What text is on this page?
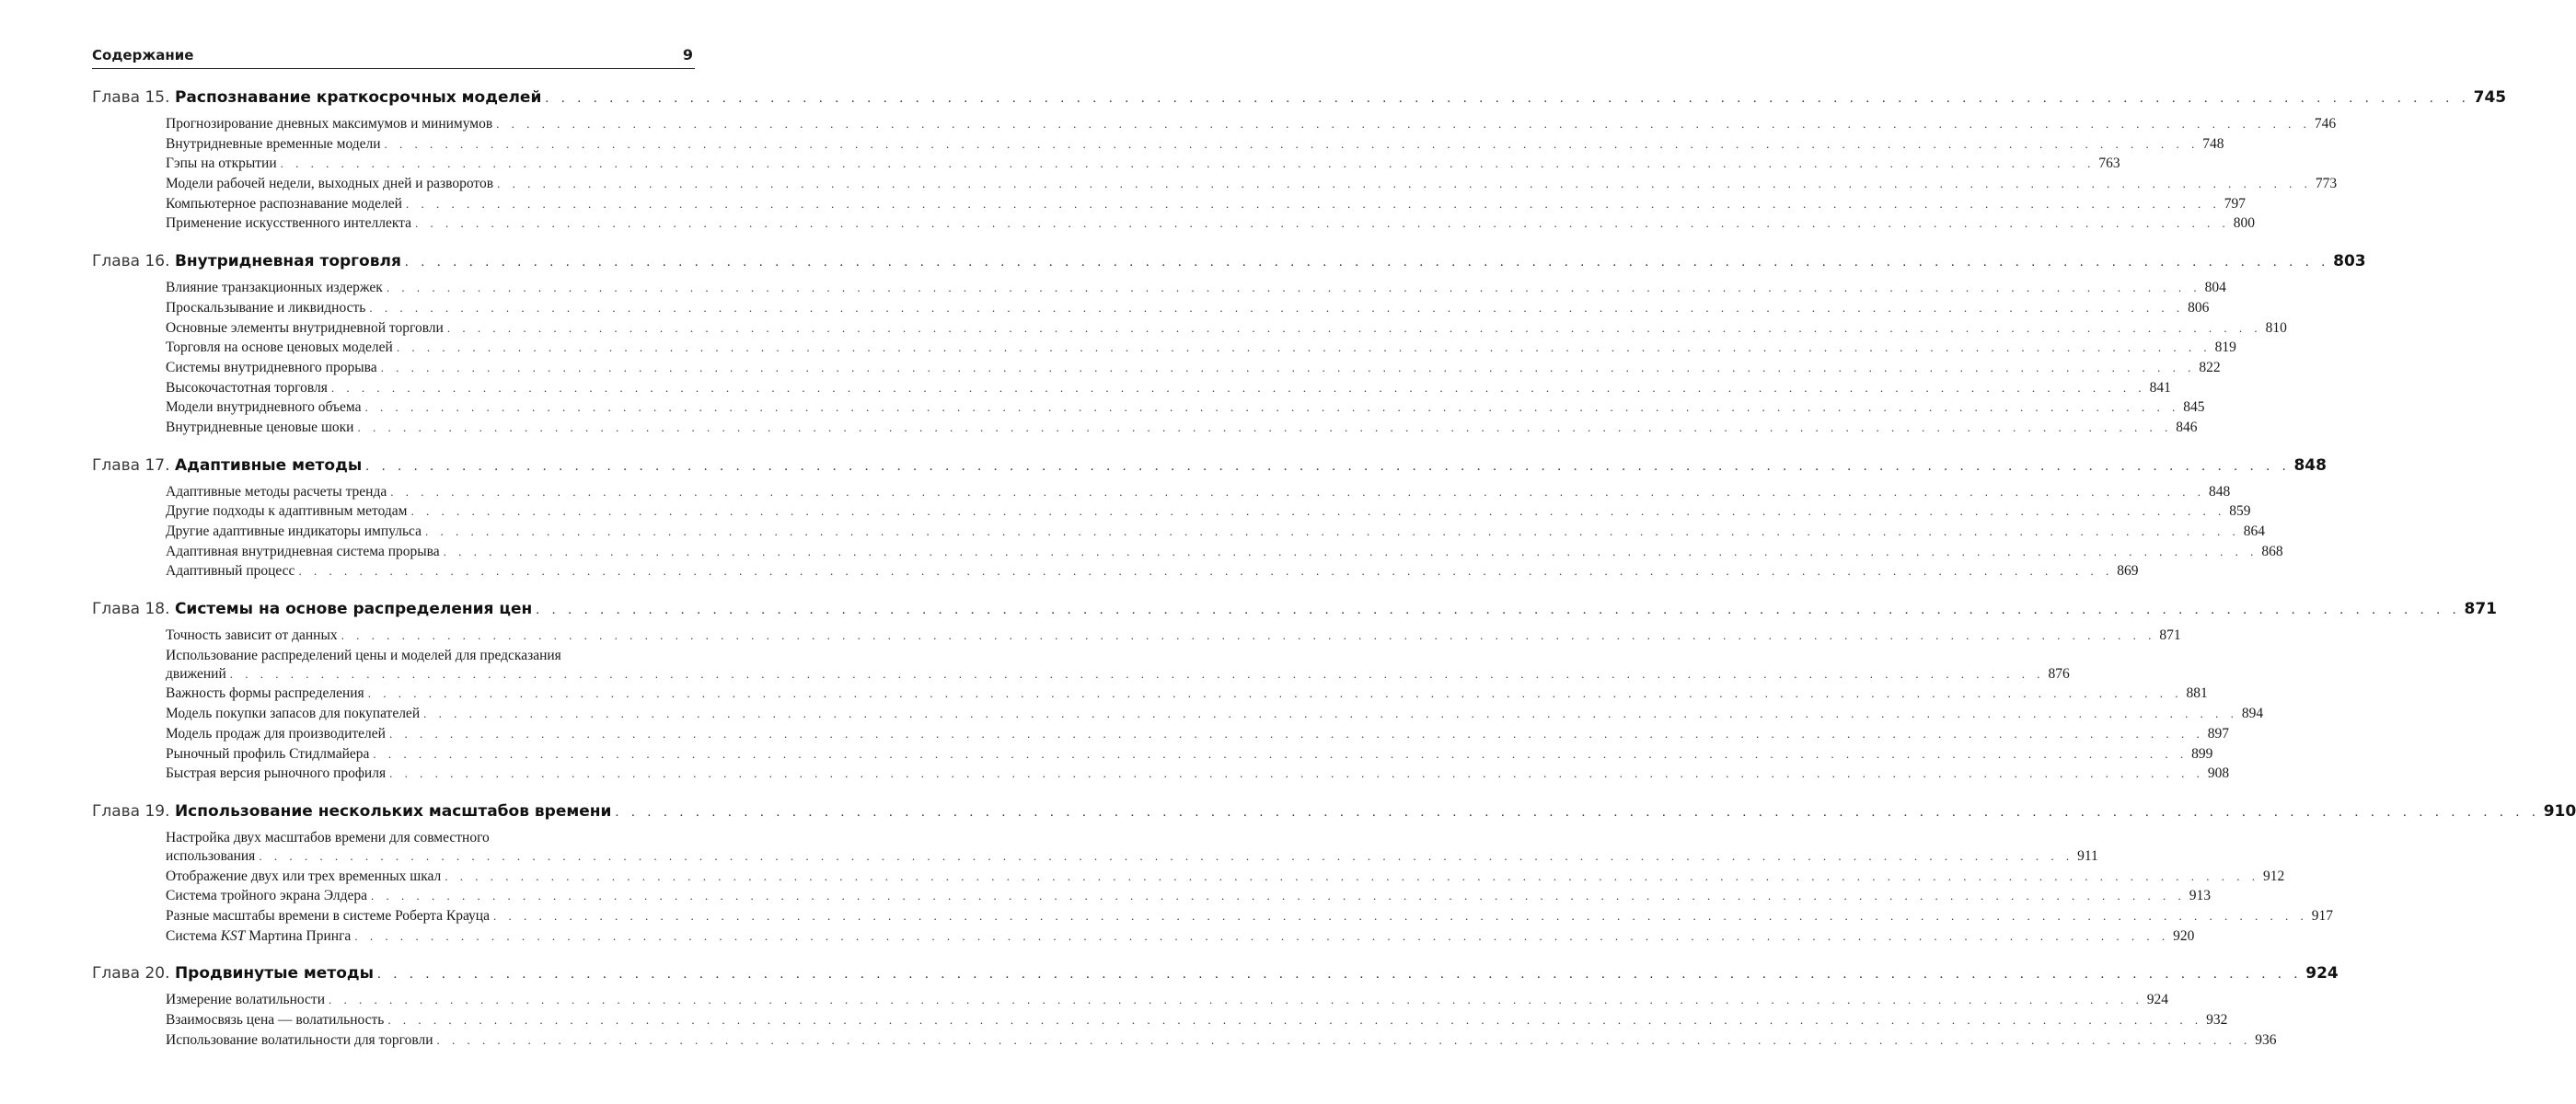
Содержание	9
Глава 15. Распознавание краткосрочных моделей . . . . . . . . . . . . . . . . . . . . . . . . . . . . . . . . . . . . . . . . . . . . . . . . . . . . . . . . . . . . . . . . . . . . . . . . . . . . . . . . . . . . . . . . . . . . . . . . . . . . . . . . . . . . . . . . . . . . . . . . 745
Прогнозирование дневных максимумов и минимумов . . . . . . . . . . . . . . . . . . . . . . . . . . . . . . . . . . . . . . . . . . . . . . . . . . . . . . . . . . . . . . . . . . . . . . . . . . . . . . . . . . . . . . . . . . . . . . . . . . . . . . . . . . . . . . . . . . . . . . . . 746
Внутридневные временные модели . . . . . . . . . . . . . . . . . . . . . . . . . . . . . . . . . . . . . . . . . . . . . . . . . . . . . . . . . . . . . . . . . . . . . . . . . . . . . . . . . . . . . . . . . . . . . . . . . . . . . . . . . . . . . . . . . . . . . . . . 748
Гэпы на открытии . . . . . . . . . . . . . . . . . . . . . . . . . . . . . . . . . . . . . . . . . . . . . . . . . . . . . . . . . . . . . . . . . . . . . . . . . . . . . . . . . . . . . . . . . . . . . . . . . . . . . . . . . . . . . . . . . . . . . . . . 763
Модели рабочей недели, выходных дней и разворотов . . . . . . . . . . . . . . . . . . . . . . . . . . . . . . . . . . . . . . . . . . . . . . . . . . . . . . . . . . . . . . . . . . . . . . . . . . . . . . . . . . . . . . . . . . . . . . . . . . . . . . . . . . . . . . . . . . . . . . . . 773
Компьютерное распознавание моделей . . . . . . . . . . . . . . . . . . . . . . . . . . . . . . . . . . . . . . . . . . . . . . . . . . . . . . . . . . . . . . . . . . . . . . . . . . . . . . . . . . . . . . . . . . . . . . . . . . . . . . . . . . . . . . . . . . . . . . . . 797
Применение искусственного интеллекта . . . . . . . . . . . . . . . . . . . . . . . . . . . . . . . . . . . . . . . . . . . . . . . . . . . . . . . . . . . . . . . . . . . . . . . . . . . . . . . . . . . . . . . . . . . . . . . . . . . . . . . . . . . . . . . . . . . . . . . . 800
Глава 16. Внутридневная торговля . . . . . . . . . . . . . . . . . . . . . . . . . . . . . . . . . . . . . . . . . . . . . . . . . . . . . . . . . . . . . . . . . . . . . . . . . . . . . . . . . . . . . . . . . . . . . . . . . . . . . . . . . . . . . . . . . . . . . . . . 803
Влияние транзакционных издержек . . . . . . . . . . . . . . . . . . . . . . . . . . . . . . . . . . . . . . . . . . . . . . . . . . . . . . . . . . . . . . . . . . . . . . . . . . . . . . . . . . . . . . . . . . . . . . . . . . . . . . . . . . . . . . . . . . . . . . . . 804
Проскальзывание и ликвидность . . . . . . . . . . . . . . . . . . . . . . . . . . . . . . . . . . . . . . . . . . . . . . . . . . . . . . . . . . . . . . . . . . . . . . . . . . . . . . . . . . . . . . . . . . . . . . . . . . . . . . . . . . . . . . . . . . . . . . . . 806
Основные элементы внутридневной торговли . . . . . . . . . . . . . . . . . . . . . . . . . . . . . . . . . . . . . . . . . . . . . . . . . . . . . . . . . . . . . . . . . . . . . . . . . . . . . . . . . . . . . . . . . . . . . . . . . . . . . . . . . . . . . . . . . . . . . . . . 810
Торговля на основе ценовых моделей . . . . . . . . . . . . . . . . . . . . . . . . . . . . . . . . . . . . . . . . . . . . . . . . . . . . . . . . . . . . . . . . . . . . . . . . . . . . . . . . . . . . . . . . . . . . . . . . . . . . . . . . . . . . . . . . . . . . . . . . 819
Системы внутридневного прорыва . . . . . . . . . . . . . . . . . . . . . . . . . . . . . . . . . . . . . . . . . . . . . . . . . . . . . . . . . . . . . . . . . . . . . . . . . . . . . . . . . . . . . . . . . . . . . . . . . . . . . . . . . . . . . . . . . . . . . . . . 822
Высокочастотная торговля . . . . . . . . . . . . . . . . . . . . . . . . . . . . . . . . . . . . . . . . . . . . . . . . . . . . . . . . . . . . . . . . . . . . . . . . . . . . . . . . . . . . . . . . . . . . . . . . . . . . . . . . . . . . . . . . . . . . . . . . 841
Модели внутридневного объема . . . . . . . . . . . . . . . . . . . . . . . . . . . . . . . . . . . . . . . . . . . . . . . . . . . . . . . . . . . . . . . . . . . . . . . . . . . . . . . . . . . . . . . . . . . . . . . . . . . . . . . . . . . . . . . . . . . . . . . . 845
Внутридневные ценовые шоки . . . . . . . . . . . . . . . . . . . . . . . . . . . . . . . . . . . . . . . . . . . . . . . . . . . . . . . . . . . . . . . . . . . . . . . . . . . . . . . . . . . . . . . . . . . . . . . . . . . . . . . . . . . . . . . . . . . . . . . . 846
Глава 17. Адаптивные методы . . . . . . . . . . . . . . . . . . . . . . . . . . . . . . . . . . . . . . . . . . . . . . . . . . . . . . . . . . . . . . . . . . . . . . . . . . . . . . . . . . . . . . . . . . . . . . . . . . . . . . . . . . . . . . . . . . . . . . . . 848
Адаптивные методы расчеты тренда . . . . . . . . . . . . . . . . . . . . . . . . . . . . . . . . . . . . . . . . . . . . . . . . . . . . . . . . . . . . . . . . . . . . . . . . . . . . . . . . . . . . . . . . . . . . . . . . . . . . . . . . . . . . . . . . . . . . . . . . 848
Другие подходы к адаптивным методам . . . . . . . . . . . . . . . . . . . . . . . . . . . . . . . . . . . . . . . . . . . . . . . . . . . . . . . . . . . . . . . . . . . . . . . . . . . . . . . . . . . . . . . . . . . . . . . . . . . . . . . . . . . . . . . . . . . . . . . . 859
Другие адаптивные индикаторы импульса . . . . . . . . . . . . . . . . . . . . . . . . . . . . . . . . . . . . . . . . . . . . . . . . . . . . . . . . . . . . . . . . . . . . . . . . . . . . . . . . . . . . . . . . . . . . . . . . . . . . . . . . . . . . . . . . . . . . . . . . 864
Адаптивная внутридневная система прорыва . . . . . . . . . . . . . . . . . . . . . . . . . . . . . . . . . . . . . . . . . . . . . . . . . . . . . . . . . . . . . . . . . . . . . . . . . . . . . . . . . . . . . . . . . . . . . . . . . . . . . . . . . . . . . . . . . . . . . . . . 868
Адаптивный процесс . . . . . . . . . . . . . . . . . . . . . . . . . . . . . . . . . . . . . . . . . . . . . . . . . . . . . . . . . . . . . . . . . . . . . . . . . . . . . . . . . . . . . . . . . . . . . . . . . . . . . . . . . . . . . . . . . . . . . . . . 869
Глава 18. Системы на основе распределения цен . . . . . . . . . . . . . . . . . . . . . . . . . . . . . . . . . . . . . . . . . . . . . . . . . . . . . . . . . . . . . . . . . . . . . . . . . . . . . . . . . . . . . . . . . . . . . . . . . . . . . . . . . . . . . . . . . . . . . . . . 871
Точность зависит от данных . . . . . . . . . . . . . . . . . . . . . . . . . . . . . . . . . . . . . . . . . . . . . . . . . . . . . . . . . . . . . . . . . . . . . . . . . . . . . . . . . . . . . . . . . . . . . . . . . . . . . . . . . . . . . . . . . . . . . . . . 871
Использование распределений цены и моделей для предсказания
движений . . . . . . . . . . . . . . . . . . . . . . . . . . . . . . . . . . . . . . . . . . . . . . . . . . . . . . . . . . . . . . . . . . . . . . . . . . . . . . . . . . . . . . . . . . . . . . . . . . . . . . . . . . . . . . . . . . . . . . . . 876
Важность формы распределения . . . . . . . . . . . . . . . . . . . . . . . . . . . . . . . . . . . . . . . . . . . . . . . . . . . . . . . . . . . . . . . . . . . . . . . . . . . . . . . . . . . . . . . . . . . . . . . . . . . . . . . . . . . . . . . . . . . . . . . . 881
Модель покупки запасов для покупателей . . . . . . . . . . . . . . . . . . . . . . . . . . . . . . . . . . . . . . . . . . . . . . . . . . . . . . . . . . . . . . . . . . . . . . . . . . . . . . . . . . . . . . . . . . . . . . . . . . . . . . . . . . . . . . . . . . . . . . . . 894
Модель продаж для производителей . . . . . . . . . . . . . . . . . . . . . . . . . . . . . . . . . . . . . . . . . . . . . . . . . . . . . . . . . . . . . . . . . . . . . . . . . . . . . . . . . . . . . . . . . . . . . . . . . . . . . . . . . . . . . . . . . . . . . . . . 897
Рыночный профиль Стидлмайера . . . . . . . . . . . . . . . . . . . . . . . . . . . . . . . . . . . . . . . . . . . . . . . . . . . . . . . . . . . . . . . . . . . . . . . . . . . . . . . . . . . . . . . . . . . . . . . . . . . . . . . . . . . . . . . . . . . . . . . . 899
Быстрая версия рыночного профиля . . . . . . . . . . . . . . . . . . . . . . . . . . . . . . . . . . . . . . . . . . . . . . . . . . . . . . . . . . . . . . . . . . . . . . . . . . . . . . . . . . . . . . . . . . . . . . . . . . . . . . . . . . . . . . . . . . . . . . . . 908
Глава 19. Использование нескольких масштабов времени . . . . . . . . . . . . . . . . . . . . . . . . . . . . . . . . . . . . . . . . . . . . . . . . . . . . . . . . . . . . . . . . . . . . . . . . . . . . . . . . . . . . . . . . . . . . . . . . . . . . . . . . . . . . . . . . . . . . . . . . 910
Настройка двух масштабов времени для совместного
использования . . . . . . . . . . . . . . . . . . . . . . . . . . . . . . . . . . . . . . . . . . . . . . . . . . . . . . . . . . . . . . . . . . . . . . . . . . . . . . . . . . . . . . . . . . . . . . . . . . . . . . . . . . . . . . . . . . . . . . . . 911
Отображение двух или трех временных шкал . . . . . . . . . . . . . . . . . . . . . . . . . . . . . . . . . . . . . . . . . . . . . . . . . . . . . . . . . . . . . . . . . . . . . . . . . . . . . . . . . . . . . . . . . . . . . . . . . . . . . . . . . . . . . . . . . . . . . . . . 912
Система тройного экрана Элдера . . . . . . . . . . . . . . . . . . . . . . . . . . . . . . . . . . . . . . . . . . . . . . . . . . . . . . . . . . . . . . . . . . . . . . . . . . . . . . . . . . . . . . . . . . . . . . . . . . . . . . . . . . . . . . . . . . . . . . . . 913
Разные масштабы времени в системе Роберта Крауца . . . . . . . . . . . . . . . . . . . . . . . . . . . . . . . . . . . . . . . . . . . . . . . . . . . . . . . . . . . . . . . . . . . . . . . . . . . . . . . . . . . . . . . . . . . . . . . . . . . . . . . . . . . . . . . . . . . . . . . . 917
Система KST Мартина Принга . . . . . . . . . . . . . . . . . . . . . . . . . . . . . . . . . . . . . . . . . . . . . . . . . . . . . . . . . . . . . . . . . . . . . . . . . . . . . . . . . . . . . . . . . . . . . . . . . . . . . . . . . . . . . . . . . . . . . . . . 920
Глава 20. Продвинутые методы . . . . . . . . . . . . . . . . . . . . . . . . . . . . . . . . . . . . . . . . . . . . . . . . . . . . . . . . . . . . . . . . . . . . . . . . . . . . . . . . . . . . . . . . . . . . . . . . . . . . . . . . . . . . . . . . . . . . . . . . 924
Измерение волатильности . . . . . . . . . . . . . . . . . . . . . . . . . . . . . . . . . . . . . . . . . . . . . . . . . . . . . . . . . . . . . . . . . . . . . . . . . . . . . . . . . . . . . . . . . . . . . . . . . . . . . . . . . . . . . . . . . . . . . . . . 924
Взаимосвязь цена — волатильность . . . . . . . . . . . . . . . . . . . . . . . . . . . . . . . . . . . . . . . . . . . . . . . . . . . . . . . . . . . . . . . . . . . . . . . . . . . . . . . . . . . . . . . . . . . . . . . . . . . . . . . . . . . . . . . . . . . . . . . . 932
Использование волатильности для торговли . . . . . . . . . . . . . . . . . . . . . . . . . . . . . . . . . . . . . . . . . . . . . . . . . . . . . . . . . . . . . . . . . . . . . . . . . . . . . . . . . . . . . . . . . . . . . . . . . . . . . . . . . . . . . . . . . . . . . . . . 936
